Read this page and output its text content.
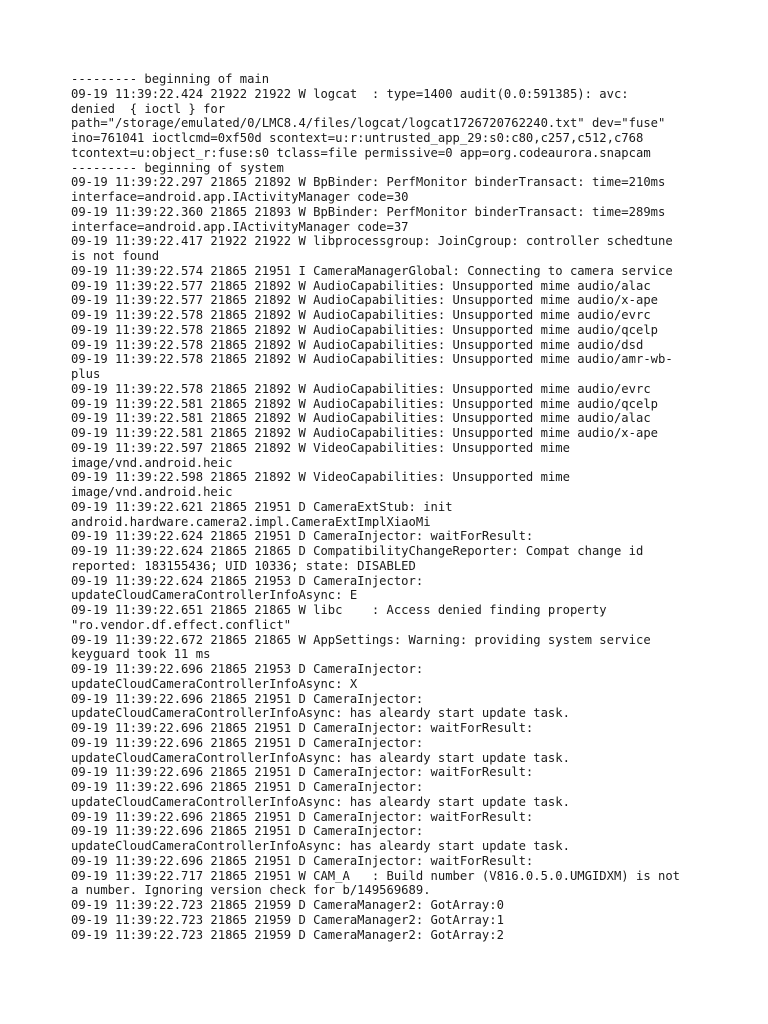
--------- beginning of main
09-19 11:39:22.424 21922 21922 W logcat  : type=1400 audit(0.0:591385): avc:
denied  { ioctl } for
path="/storage/emulated/0/LMC8.4/files/logcat/logcat1726720762240.txt" dev="fuse"
ino=761041 ioctlcmd=0xf50d scontext=u:r:untrusted_app_29:s0:c80,c257,c512,c768
tcontext=u:object_r:fuse:s0 tclass=file permissive=0 app=org.codeaurora.snapcam
--------- beginning of system
09-19 11:39:22.297 21865 21892 W BpBinder: PerfMonitor binderTransact: time=210ms
interface=android.app.IActivityManager code=30
09-19 11:39:22.360 21865 21893 W BpBinder: PerfMonitor binderTransact: time=289ms
interface=android.app.IActivityManager code=37
09-19 11:39:22.417 21922 21922 W libprocessgroup: JoinCgroup: controller schedtune
is not found
09-19 11:39:22.574 21865 21951 I CameraManagerGlobal: Connecting to camera service
09-19 11:39:22.577 21865 21892 W AudioCapabilities: Unsupported mime audio/alac
09-19 11:39:22.577 21865 21892 W AudioCapabilities: Unsupported mime audio/x-ape
09-19 11:39:22.578 21865 21892 W AudioCapabilities: Unsupported mime audio/evrc
09-19 11:39:22.578 21865 21892 W AudioCapabilities: Unsupported mime audio/qcelp
09-19 11:39:22.578 21865 21892 W AudioCapabilities: Unsupported mime audio/dsd
09-19 11:39:22.578 21865 21892 W AudioCapabilities: Unsupported mime audio/amr-wb-
plus
09-19 11:39:22.578 21865 21892 W AudioCapabilities: Unsupported mime audio/evrc
09-19 11:39:22.581 21865 21892 W AudioCapabilities: Unsupported mime audio/qcelp
09-19 11:39:22.581 21865 21892 W AudioCapabilities: Unsupported mime audio/alac
09-19 11:39:22.581 21865 21892 W AudioCapabilities: Unsupported mime audio/x-ape
09-19 11:39:22.597 21865 21892 W VideoCapabilities: Unsupported mime
image/vnd.android.heic
09-19 11:39:22.598 21865 21892 W VideoCapabilities: Unsupported mime
image/vnd.android.heic
09-19 11:39:22.621 21865 21951 D CameraExtStub: init
android.hardware.camera2.impl.CameraExtImplXiaoMi
09-19 11:39:22.624 21865 21951 D CameraInjector: waitForResult:
09-19 11:39:22.624 21865 21865 D CompatibilityChangeReporter: Compat change id
reported: 183155436; UID 10336; state: DISABLED
09-19 11:39:22.624 21865 21953 D CameraInjector:
updateCloudCameraControllerInfoAsync: E
09-19 11:39:22.651 21865 21865 W libc    : Access denied finding property
"ro.vendor.df.effect.conflict"
09-19 11:39:22.672 21865 21865 W AppSettings: Warning: providing system service
keyguard took 11 ms
09-19 11:39:22.696 21865 21953 D CameraInjector:
updateCloudCameraControllerInfoAsync: X
09-19 11:39:22.696 21865 21951 D CameraInjector:
updateCloudCameraControllerInfoAsync: has aleardy start update task.
09-19 11:39:22.696 21865 21951 D CameraInjector: waitForResult:
09-19 11:39:22.696 21865 21951 D CameraInjector:
updateCloudCameraControllerInfoAsync: has aleardy start update task.
09-19 11:39:22.696 21865 21951 D CameraInjector: waitForResult:
09-19 11:39:22.696 21865 21951 D CameraInjector:
updateCloudCameraControllerInfoAsync: has aleardy start update task.
09-19 11:39:22.696 21865 21951 D CameraInjector: waitForResult:
09-19 11:39:22.696 21865 21951 D CameraInjector:
updateCloudCameraControllerInfoAsync: has aleardy start update task.
09-19 11:39:22.696 21865 21951 D CameraInjector: waitForResult:
09-19 11:39:22.717 21865 21951 W CAM_A   : Build number (V816.0.5.0.UMGIDXM) is not
a number. Ignoring version check for b/149569689.
09-19 11:39:22.723 21865 21959 D CameraManager2: GotArray:0
09-19 11:39:22.723 21865 21959 D CameraManager2: GotArray:1
09-19 11:39:22.723 21865 21959 D CameraManager2: GotArray:2
